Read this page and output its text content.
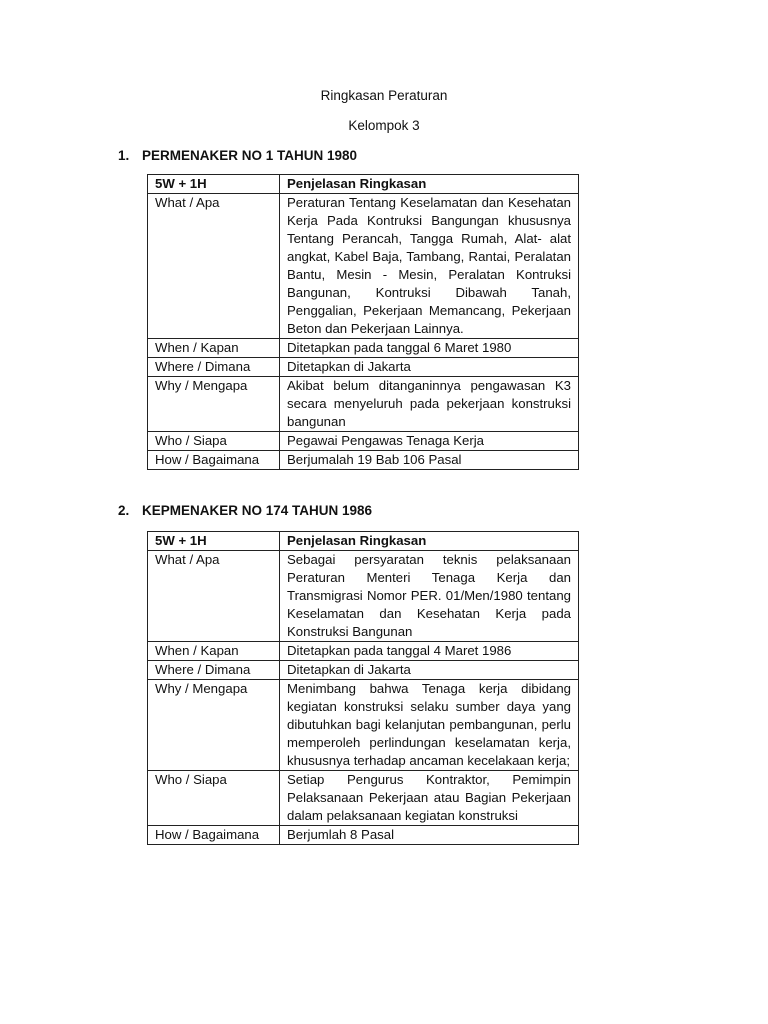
Ringkasan Peraturan
Kelompok 3
1. PERMENAKER NO 1 TAHUN 1980
5W + 1H	Penjelasan Ringkasan
What / Apa	Peraturan Tentang Keselamatan dan Kesehatan Kerja Pada Kontruksi Bangungan khususnya Tentang Perancah, Tangga Rumah, Alat- alat angkat, Kabel Baja, Tambang, Rantai, Peralatan Bantu, Mesin - Mesin, Peralatan Kontruksi Bangunan, Kontruksi Dibawah Tanah, Penggalian, Pekerjaan Memancang, Pekerjaan Beton dan Pekerjaan Lainnya.
When / Kapan	Ditetapkan pada tanggal 6 Maret 1980
Where / Dimana	Ditetapkan di Jakarta
Why / Mengapa	Akibat belum ditanganinnya pengawasan K3 secara menyeluruh pada pekerjaan konstruksi bangunan
Who / Siapa	Pegawai Pengawas Tenaga Kerja
How / Bagaimana	Berjumalah 19 Bab 106 Pasal
2. KEPMENAKER NO 174 TAHUN 1986
5W + 1H	Penjelasan Ringkasan
What / Apa	Sebagai persyaratan teknis pelaksanaan Peraturan Menteri Tenaga Kerja dan Transmigrasi Nomor PER. 01/Men/1980 tentang Keselamatan dan Kesehatan Kerja pada Konstruksi Bangunan
When / Kapan	Ditetapkan pada tanggal 4 Maret 1986
Where / Dimana	Ditetapkan di Jakarta
Why / Mengapa	Menimbang bahwa Tenaga kerja dibidang kegiatan konstruksi selaku sumber daya yang dibutuhkan bagi kelanjutan pembangunan, perlu memperoleh perlindungan keselamatan kerja, khususnya terhadap ancaman kecelakaan kerja;
Who / Siapa	Setiap Pengurus Kontraktor, Pemimpin Pelaksanaan Pekerjaan atau Bagian Pekerjaan dalam pelaksanaan kegiatan konstruksi
How / Bagaimana	Berjumlah 8 Pasal
